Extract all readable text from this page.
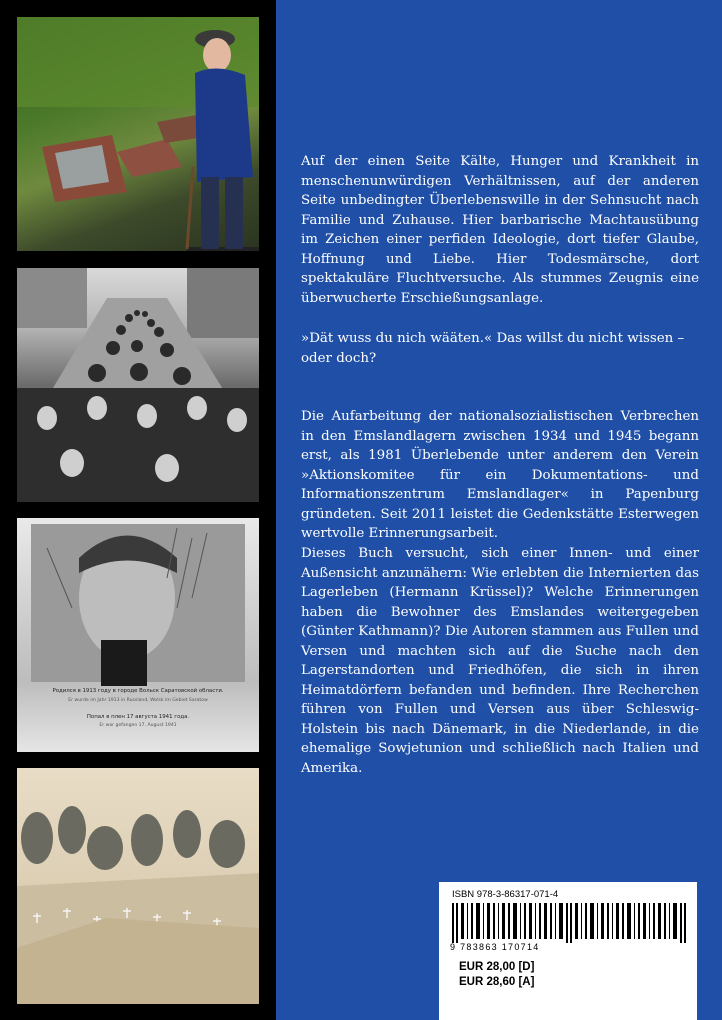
Родился в 1913 году в городе Вольск Саратовской области.
Er wurde im Jahr 1913 in Russland, Wolsk im Gebiet Saratow
Попал в плен 17 августа 1941 года.
Er war gefangen 17. August 1941

Auf der einen Seite Kälte, Hunger und Krankheit in menschenunwürdigen Verhältnissen, auf der anderen Seite unbedingter Überlebenswille in der Sehnsucht nach Familie und Zuhause. Hier barbarische Machtausübung im Zeichen einer perfiden Ideologie, dort tiefer Glaube, Hoffnung und Liebe. Hier Todesmärsche, dort spektakuläre Fluchtversuche. Als stummes Zeugnis eine überwucherte Erschießungsanlage.

»Dät wuss du nich wääten.« Das willst du nicht wissen – oder doch?

Die Aufarbeitung der nationalsozialistischen Verbrechen in den Emslandlagern zwischen 1934 und 1945 begann erst, als 1981 Überlebende unter anderem den Verein »Aktionskomitee für ein Dokumentations- und Informationszentrum Emslandlager« in Papenburg gründeten. Seit 2011 leistet die Gedenkstätte Esterwegen wertvolle Erinnerungsarbeit.

Dieses Buch versucht, sich einer Innen- und einer Außensicht anzunähern: Wie erlebten die Internierten das Lagerleben (Hermann Krüssel)? Welche Erinnerungen haben die Bewohner des Emslandes weitergegeben (Günter Kathmann)? Die Autoren stammen aus Fullen und Versen und machten sich auf die Suche nach den Lagerstandorten und Friedhöfen, die sich in ihren Heimatdörfern befanden und befinden. Ihre Recherchen führen von Fullen und Versen aus über Schleswig-Holstein bis nach Dänemark, in die Niederlande, in die ehemalige Sowjetunion und schließlich nach Italien und Amerika.

ISBN 978-3-86317-071-4
9 783863 170714
EUR 28,00 [D]
EUR 28,60 [A]
